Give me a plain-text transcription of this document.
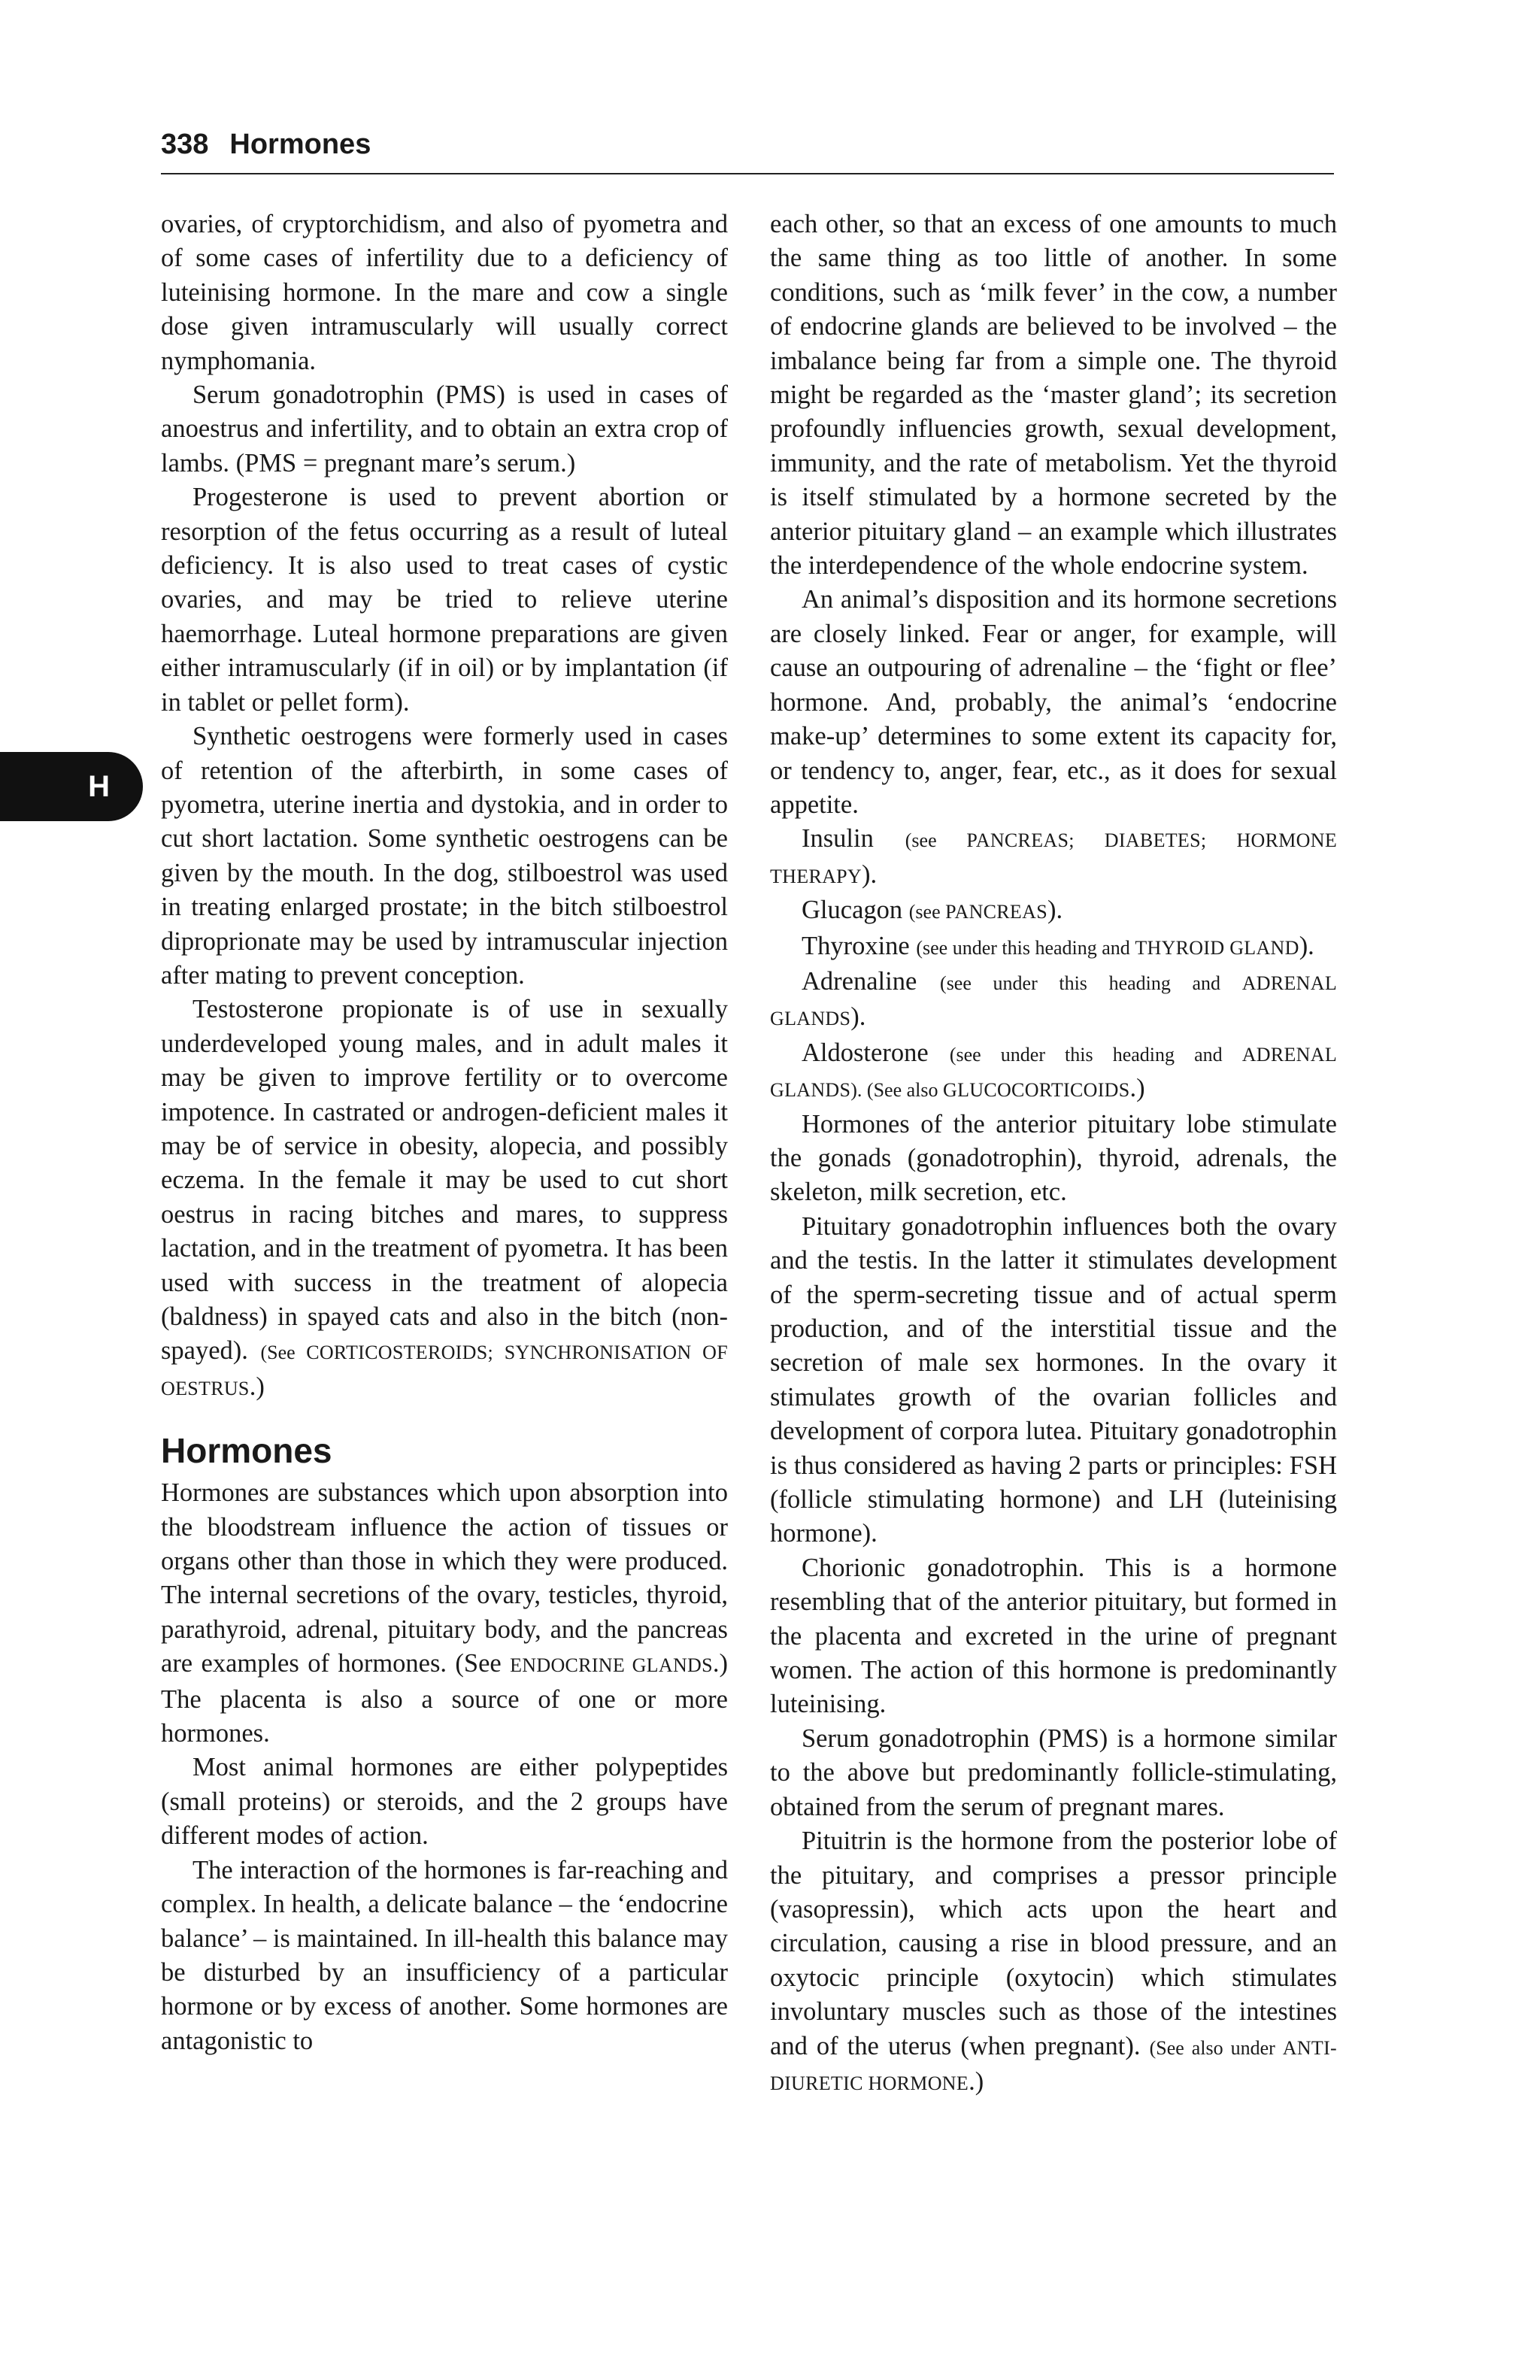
338 Hormones
H

ovaries, of cryptorchidism, and also of pyometra and of some cases of infertility due to a deficiency of luteinising hormone. In the mare and cow a single dose given intramuscularly will usually correct nymphomania.

Serum gonadotrophin (PMS) is used in cases of anoestrus and infertility, and to obtain an extra crop of lambs. (PMS = pregnant mare’s serum.)

Progesterone is used to prevent abortion or resorption of the fetus occurring as a result of luteal deficiency. It is also used to treat cases of cystic ovaries, and may be tried to relieve uterine haemorrhage. Luteal hormone preparations are given either intramuscularly (if in oil) or by implantation (if in tablet or pellet form).

Synthetic oestrogens were formerly used in cases of retention of the afterbirth, in some cases of pyometra, uterine inertia and dystokia, and in order to cut short lactation. Some synthetic oestrogens can be given by the mouth. In the dog, stilboestrol was used in treating enlarged prostate; in the bitch stilboestrol diproprionate may be used by intramuscular injection after mating to prevent conception.

Testosterone propionate is of use in sexually underdeveloped young males, and in adult males it may be given to improve fertility or to overcome impotence. In castrated or androgen-deficient males it may be of service in obesity, alopecia, and possibly eczema. In the female it may be used to cut short oestrus in racing bitches and mares, to suppress lactation, and in the treatment of pyometra. It has been used with success in the treatment of alopecia (baldness) in spayed cats and also in the bitch (non-spayed). (See CORTICOSTEROIDS; SYNCHRONISATION OF OESTRUS.)

Hormones

Hormones are substances which upon absorption into the bloodstream influence the action of tissues or organs other than those in which they were produced. The internal secretions of the ovary, testicles, thyroid, parathyroid, adrenal, pituitary body, and the pancreas are examples of hormones. (See ENDOCRINE GLANDS.) The placenta is also a source of one or more hormones.

Most animal hormones are either polypeptides (small proteins) or steroids, and the 2 groups have different modes of action.

The interaction of the hormones is far-reaching and complex. In health, a delicate balance – the ‘endocrine balance’ – is maintained. In ill-health this balance may be disturbed by an insufficiency of a particular hormone or by excess of another. Some hormones are antagonistic to

each other, so that an excess of one amounts to much the same thing as too little of another. In some conditions, such as ‘milk fever’ in the cow, a number of endocrine glands are believed to be involved – the imbalance being far from a simple one. The thyroid might be regarded as the ‘master gland’; its secretion profoundly influencies growth, sexual development, immunity, and the rate of metabolism. Yet the thyroid is itself stimulated by a hormone secreted by the anterior pituitary gland – an example which illustrates the interdependence of the whole endocrine system.

An animal’s disposition and its hormone secretions are closely linked. Fear or anger, for example, will cause an outpouring of adrenaline – the ‘fight or flee’ hormone. And, probably, the animal’s ‘endocrine make-up’ determines to some extent its capacity for, or tendency to, anger, fear, etc., as it does for sexual appetite.

Insulin (see PANCREAS; DIABETES; HORMONE THERAPY).

Glucagon (see PANCREAS).

Thyroxine (see under this heading and THYROID GLAND).

Adrenaline (see under this heading and ADRENAL GLANDS).

Aldosterone (see under this heading and ADRENAL GLANDS). (See also GLUCOCORTICOIDS.)

Hormones of the anterior pituitary lobe stimulate the gonads (gonadotrophin), thyroid, adrenals, the skeleton, milk secretion, etc.

Pituitary gonadotrophin influences both the ovary and the testis. In the latter it stimulates development of the sperm-secreting tissue and of actual sperm production, and of the interstitial tissue and the secretion of male sex hormones. In the ovary it stimulates growth of the ovarian follicles and development of corpora lutea. Pituitary gonadotrophin is thus considered as having 2 parts or principles: FSH (follicle stimulating hormone) and LH (luteinising hormone).

Chorionic gonadotrophin. This is a hormone resembling that of the anterior pituitary, but formed in the placenta and excreted in the urine of pregnant women. The action of this hormone is predominantly luteinising.

Serum gonadotrophin (PMS) is a hormone similar to the above but predominantly follicle-stimulating, obtained from the serum of pregnant mares.

Pituitrin is the hormone from the posterior lobe of the pituitary, and comprises a pressor principle (vasopressin), which acts upon the heart and circulation, causing a rise in blood pressure, and an oxytocic principle (oxytocin) which stimulates involuntary muscles such as those of the intestines and of the uterus (when pregnant). (See also under ANTI-DIURETIC HORMONE.)
